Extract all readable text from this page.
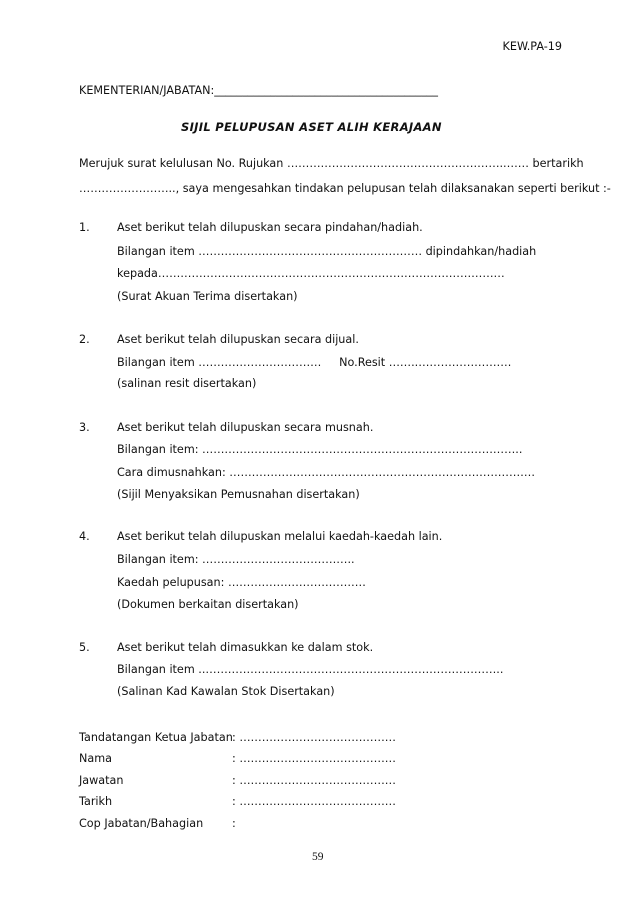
KEW.PA-19
KEMENTERIAN/JABATAN:________________________________________
SIJIL PELUPUSAN ASET ALIH KERAJAAN
Merujuk surat kelulusan No. Rujukan …………………………………………………..…… bertarikh
…………………….., saya mengesahkan tindakan pelupusan telah dilaksanakan seperti berikut :-
1. Aset berikut telah dilupuskan secara pindahan/hadiah.
Bilangan item …………………………………………………… dipindahkan/hadiah
kepada…………………………………………………………………………………
(Surat Akuan Terima disertakan)
2. Aset berikut telah dilupuskan secara dijual.
Bilangan item ……………………………     No.Resit ……..…………………….
(salinan resit disertakan)
3. Aset berikut telah dilupuskan secara musnah.
Bilangan item: …………………………………………………………………………..
Cara dimusnahkan: ……………………………………………………………………….
(Sijil Menyaksikan Pemusnahan disertakan)
4. Aset berikut telah dilupuskan melalui kaedah-kaedah lain.
Bilangan item: …………………………………..
Kaedah pelupusan: ……………………………….
(Dokumen berkaitan disertakan)
5. Aset berikut telah dimasukkan ke dalam stok.
Bilangan item ..……………………………………………………………………..
(Salinan Kad Kawalan Stok Disertakan)
Tandatangan Ketua Jabatan : ……………………………………
Nama	: ……………………………………
Jawatan	: ……………………………………
Tarikh	: ……………………………………
Cop Jabatan/Bahagian	:
59
